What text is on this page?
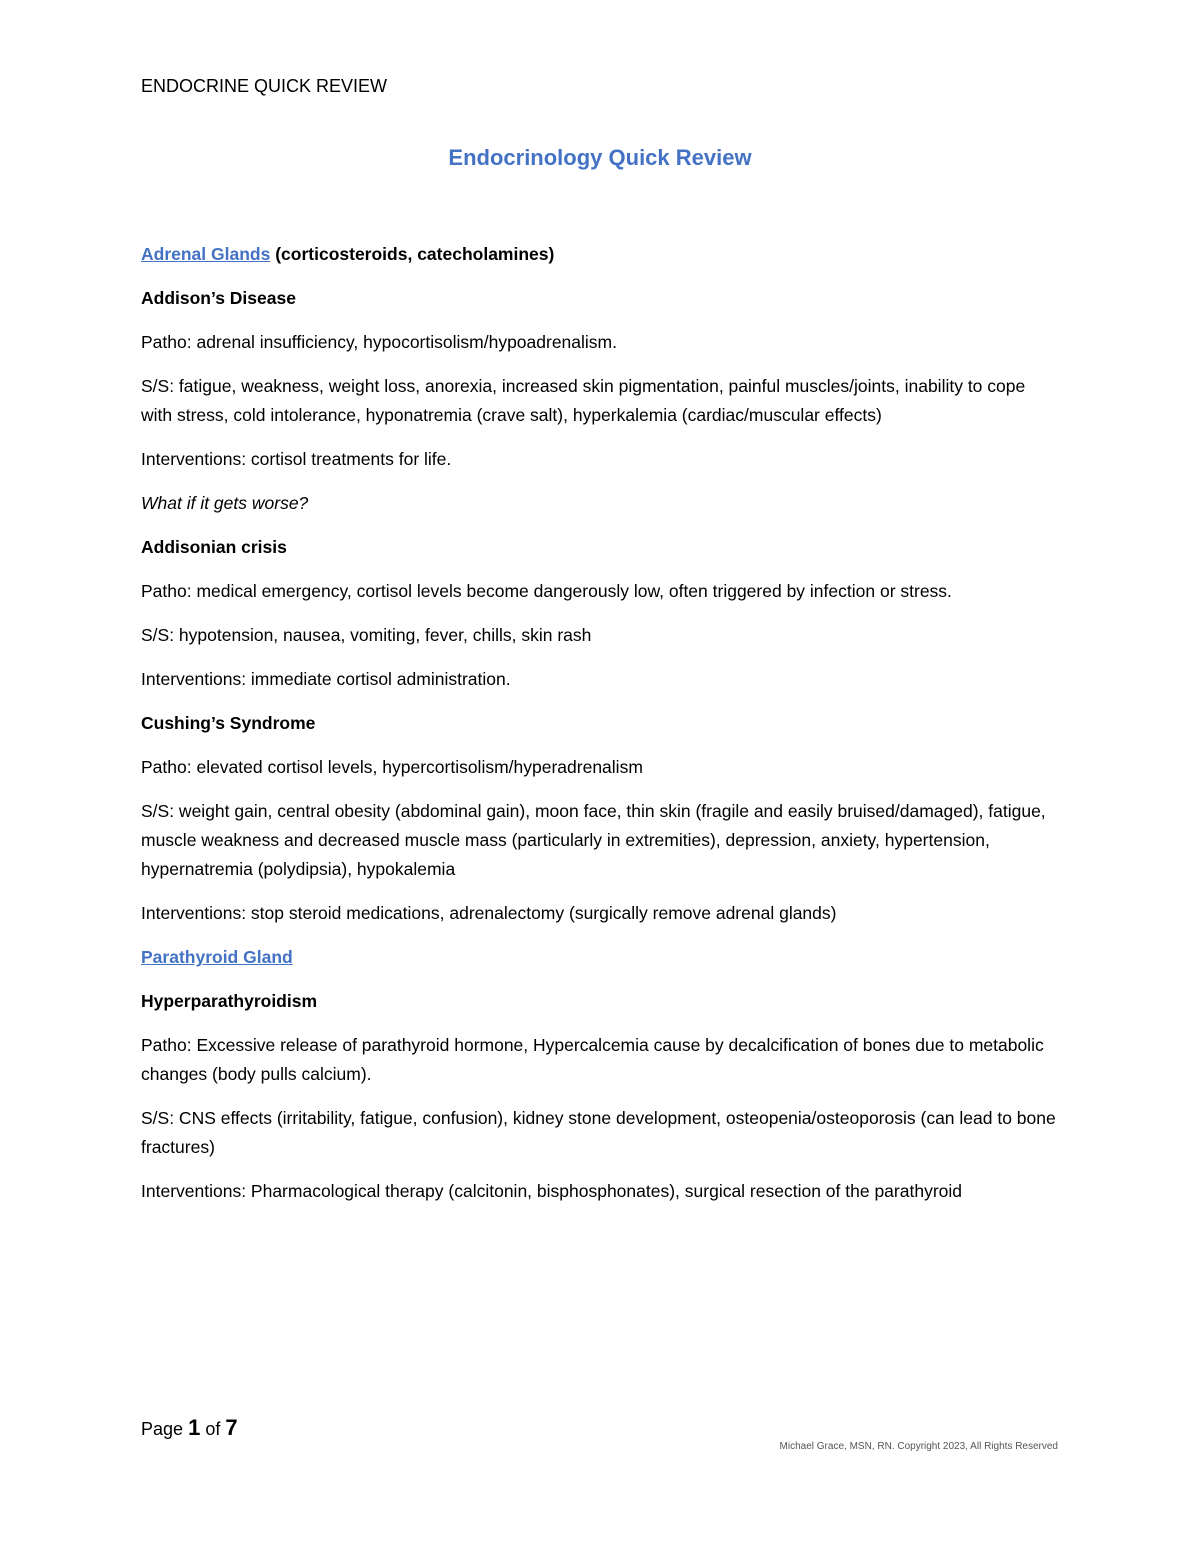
ENDOCRINE QUICK REVIEW
Endocrinology Quick Review

Adrenal Glands (corticosteroids, catecholamines)

Addison’s Disease

Patho: adrenal insufficiency, hypocortisolism/hypoadrenalism.

S/S: fatigue, weakness, weight loss, anorexia, increased skin pigmentation, painful muscles/joints, inability to cope with stress, cold intolerance, hyponatremia (crave salt), hyperkalemia (cardiac/muscular effects)

Interventions: cortisol treatments for life.

What if it gets worse?

Addisonian crisis

Patho: medical emergency, cortisol levels become dangerously low, often triggered by infection or stress.

S/S: hypotension, nausea, vomiting, fever, chills, skin rash

Interventions: immediate cortisol administration.

Cushing’s Syndrome

Patho: elevated cortisol levels, hypercortisolism/hyperadrenalism

S/S: weight gain, central obesity (abdominal gain), moon face, thin skin (fragile and easily bruised/damaged), fatigue, muscle weakness and decreased muscle mass (particularly in extremities), depression, anxiety, hypertension, hypernatremia (polydipsia), hypokalemia

Interventions: stop steroid medications, adrenalectomy (surgically remove adrenal glands)

Parathyroid Gland

Hyperparathyroidism

Patho: Excessive release of parathyroid hormone, Hypercalcemia cause by decalcification of bones due to metabolic changes (body pulls calcium).

S/S: CNS effects (irritability, fatigue, confusion), kidney stone development, osteopenia/osteoporosis (can lead to bone fractures)

Interventions: Pharmacological therapy (calcitonin, bisphosphonates), surgical resection of the parathyroid

Page 1 of 7
Michael Grace, MSN, RN. Copyright 2023, All Rights Reserved
